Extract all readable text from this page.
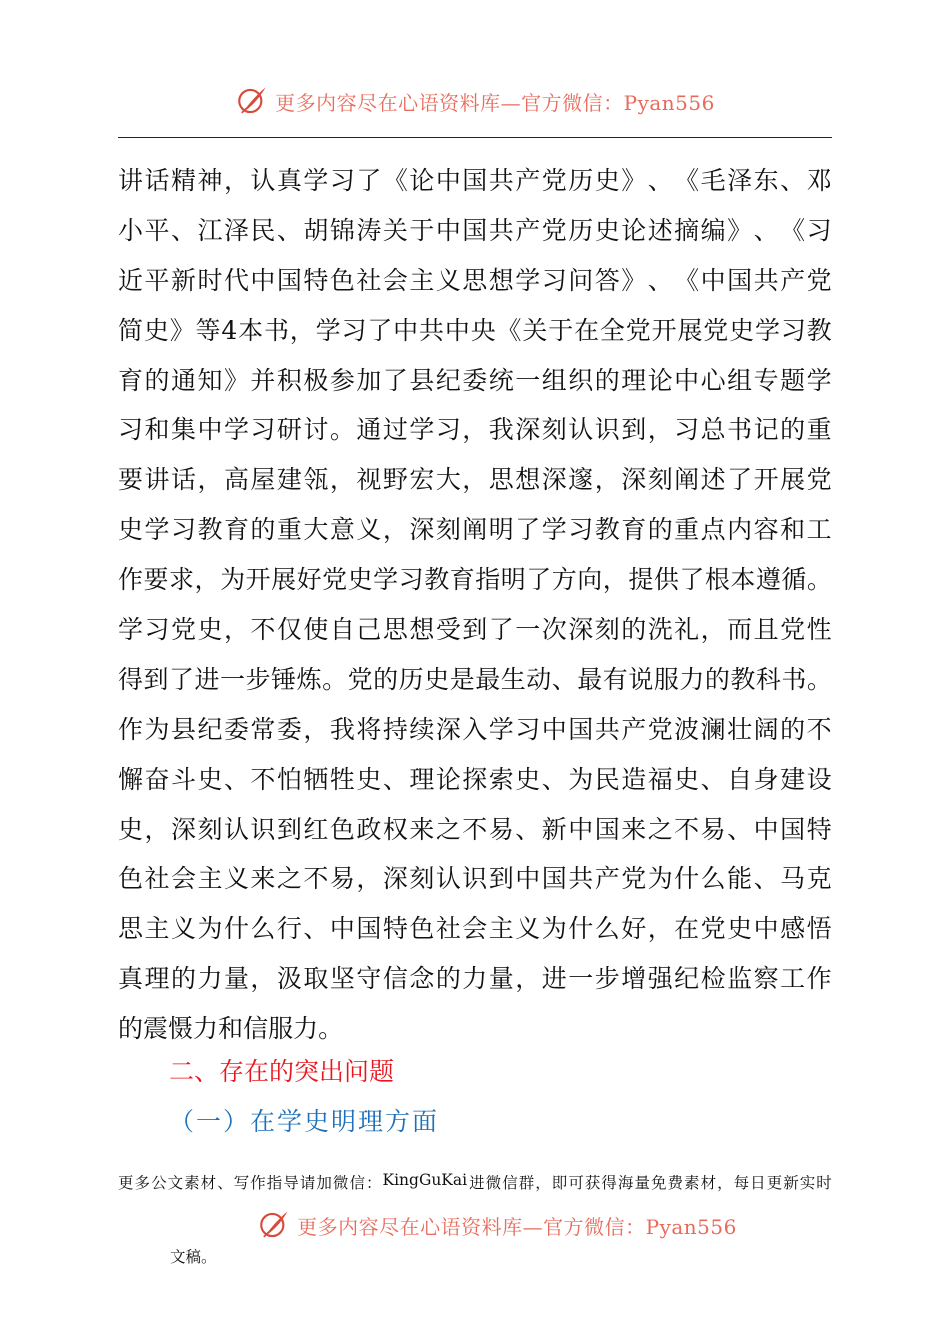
更多内容尽在心语资料库—官方微信：Pyan556
讲 话 精 神 ， 认 真 学 习 了 《 论 中 国 共 产 党 历 史 》 、 《 毛 泽 东 、 邓
小 平 、 江 泽 民 、 胡 锦 涛 关 于 中 国 共 产 党 历 史 论 述 摘 编 》 、 《 习
近 平 新 时 代 中 国 特 色 社 会 主 义 思 想 学 习 问 答 》 、 《 中 国 共 产 党
简 史 》 等 4 本 书 ， 学 习 了 中 共 中 央 《 关 于 在 全 党 开 展 党 史 学 习 教
育 的 通 知 》 并 积 极 参 加 了 县 纪 委 统 一 组 织 的 理 论 中 心 组 专 题 学
习 和 集 中 学 习 研 讨 。 通 过 学 习 ， 我 深 刻 认 识 到 ， 习 总 书 记 的 重
要 讲 话 ， 高 屋 建 瓴 ， 视 野 宏 大 ， 思 想 深 邃 ， 深 刻 阐 述 了 开 展 党
史 学 习 教 育 的 重 大 意 义 ， 深 刻 阐 明 了 学 习 教 育 的 重 点 内 容 和 工
作 要 求 ， 为 开 展 好 党 史 学 习 教 育 指 明 了 方 向 ， 提 供 了 根 本 遵 循 。
学 习 党 史 ， 不 仅 使 自 己 思 想 受 到 了 一 次 深 刻 的 洗 礼 ， 而 且 党 性
得 到 了 进 一 步 锤 炼 。 党 的 历 史 是 最 生 动 、 最 有 说 服 力 的 教 科 书 。
作 为 县 纪 委 常 委 ， 我 将 持 续 深 入 学 习 中 国 共 产 党 波 澜 壮 阔 的 不
懈 奋 斗 史 、 不 怕 牺 牲 史 、 理 论 探 索 史 、 为 民 造 福 史 、 自 身 建 设
史 ， 深 刻 认 识 到 红 色 政 权 来 之 不 易 、 新 中 国 来 之 不 易 、 中 国 特
色 社 会 主 义 来 之 不 易 ， 深 刻 认 识 到 中 国 共 产 党 为 什 么 能 、 马 克
思 主 义 为 什 么 行 、 中 国 特 色 社 会 主 义 为 什 么 好 ， 在 党 史 中 感 悟
真 理 的 力 量 ， 汲 取 坚 守 信 念 的 力 量 ， 进 一 步 增 强 纪 检 监 察 工 作
的 震 慑 力 和 信 服 力 。
二、存在的突出问题
（一）在学史明理方面
更 多 公 文 素 材 、 写 作 指 导 请 加 微 信 ： KingGuKai 进 微 信 群 ， 即 可 获 得 海 量 免 费 素 材 ， 每 日 更 新 实 时
更多内容尽在心语资料库—官方微信：Pyan556
文稿。
